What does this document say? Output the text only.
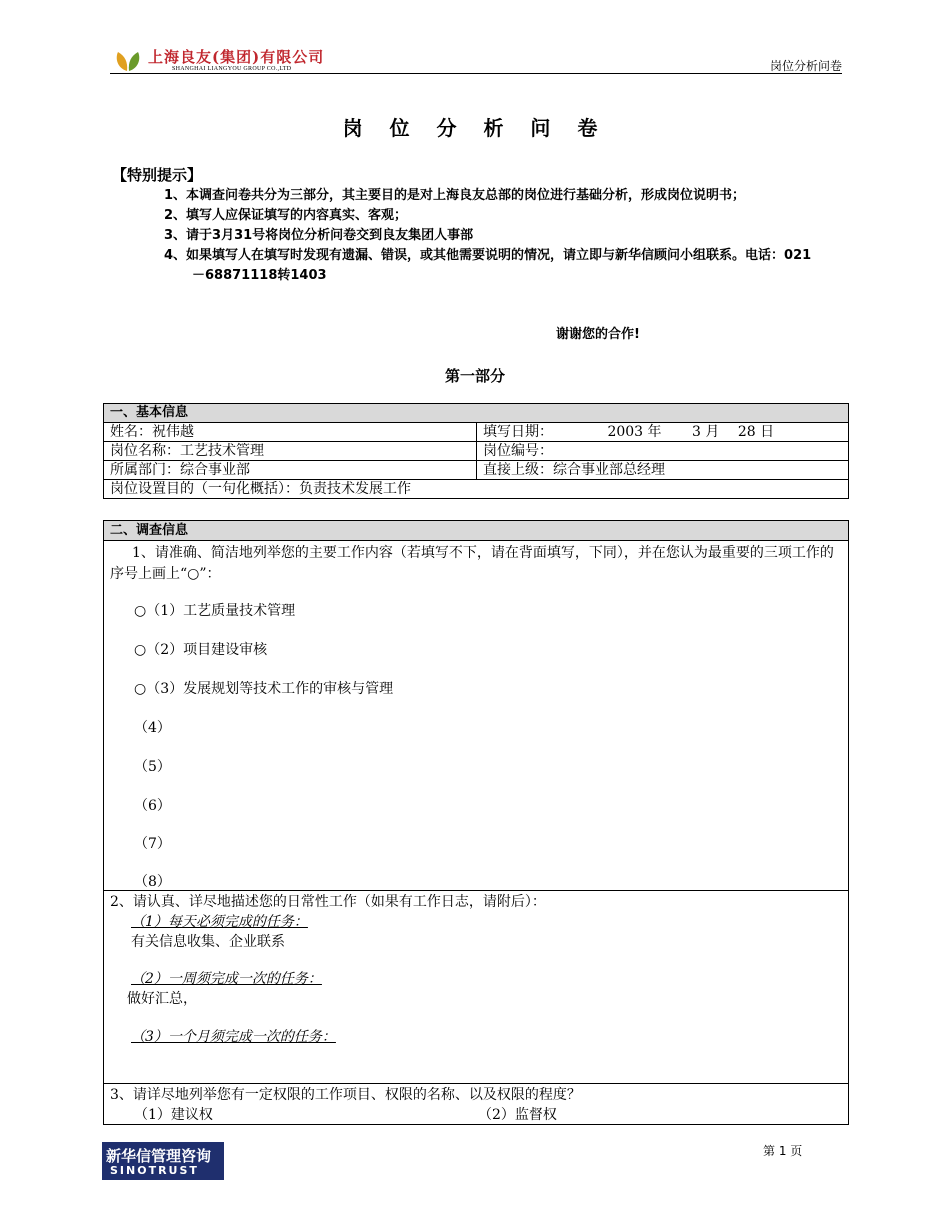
上海良友(集团)有限公司
SHANGHAI LIANGYOU GROUP CO.,LTD	岗位分析问卷
岗 位 分 析 问 卷
【特别提示】
1、本调查问卷共分为三部分，其主要目的是对上海良友总部的岗位进行基础分析，形成岗位说明书；
2、填写人应保证填写的内容真实、客观；
3、请于3月31号将岗位分析问卷交到良友集团人事部
4、如果填写人在填写时发现有遗漏、错误，或其他需要说明的情况，请立即与新华信顾问小组联系。电话：021－68871118转1403
谢谢您的合作!
第一部分
一、基本信息	
姓名：祝伟越	填写日期： 2003 年 3 月 28 日
岗位名称：工艺技术管理	岗位编号：
所属部门：综合事业部	直接上级：综合事业部总经理
岗位设置目的（一句化概括）：负责技术发展工作	
二、调查信息
1、请准确、简洁地列举您的主要工作内容（若填写不下，请在背面填写，下同），并在您认为最重要的三项工作的序号上画上“○”：
○（1）工艺质量技术管理
○（2）项目建设审核
○（3）发展规划等技术工作的审核与管理
（4）
（5）
（6）
（7）
（8）
2、请认真、详尽地描述您的日常性工作（如果有工作日志，请附后）：
（1）每天必须完成的任务：
有关信息收集、企业联系
（2）一周须完成一次的任务：
做好汇总，
（3）一个月须完成一次的任务：
3、请详尽地列举您有一定权限的工作项目、权限的名称、以及权限的程度？
（1）建议权	（2）监督权
新华信管理咨询
SINOTRUST
第 1 页
